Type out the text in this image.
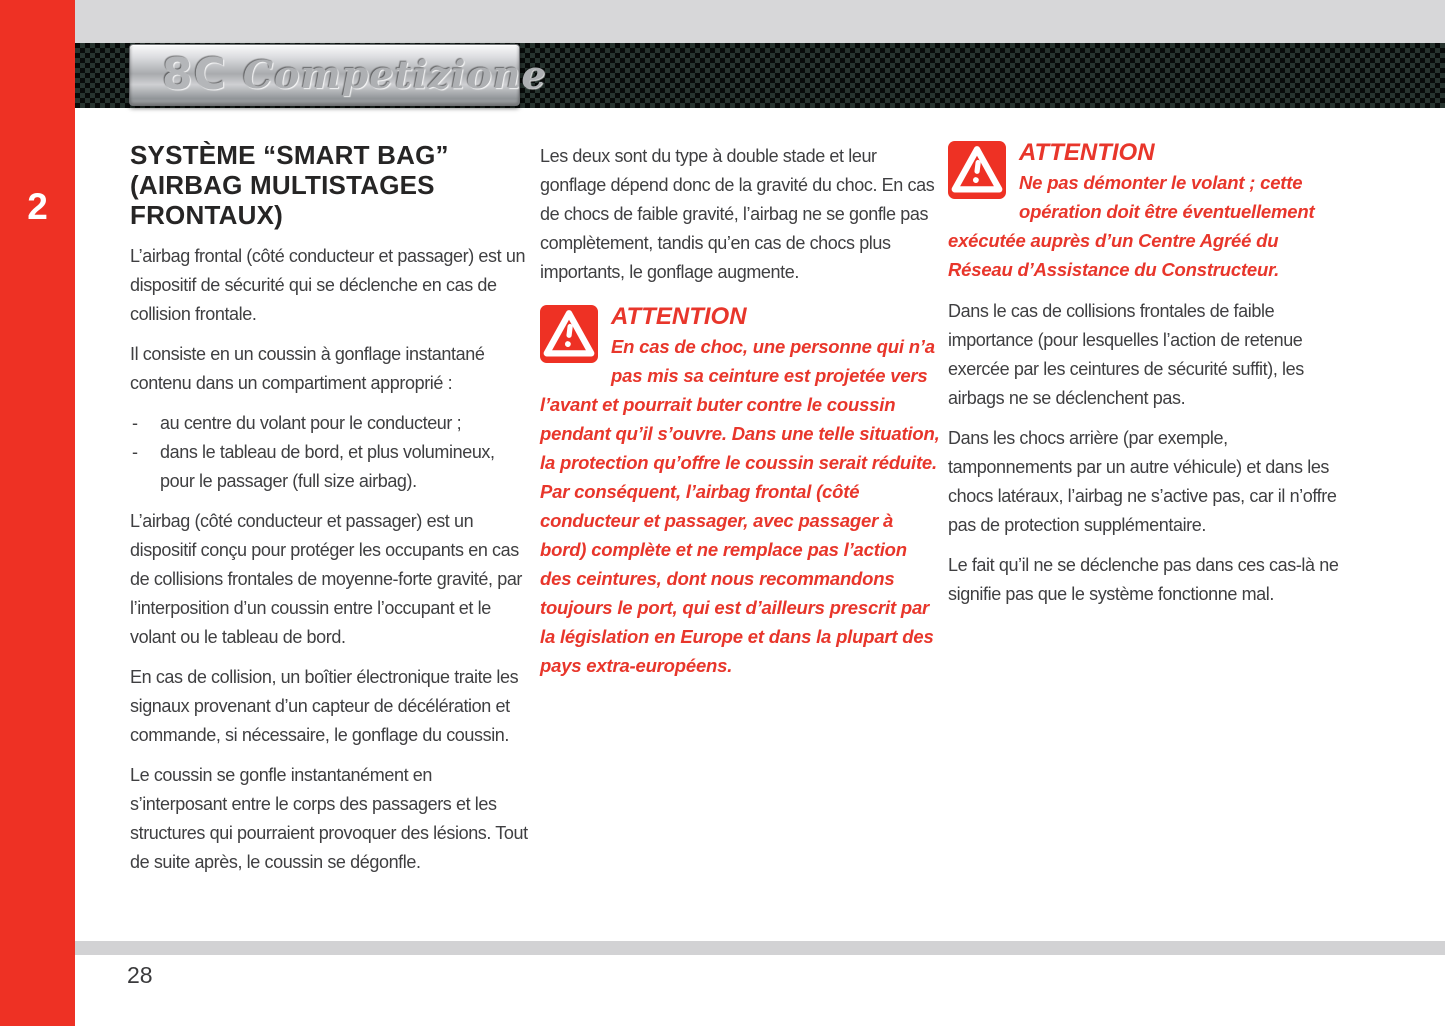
2
8C Competizione
SYSTÈME “SMART BAG” (AIRBAG MULTISTAGES FRONTAUX)

L’airbag frontal (côté conducteur et passager) est un dispositif de sécurité qui se déclenche en cas de collision frontale.

Il consiste en un coussin à gonflage instantané contenu dans un compartiment approprié :

- au centre du volant pour le conducteur ;
- dans le tableau de bord, et plus volumineux, pour le passager (full size airbag).

L’airbag (côté conducteur et passager) est un dispositif conçu pour protéger les occupants en cas de collisions frontales de moyenne-forte gravité, par l’interposition d’un coussin entre l’occupant et le volant ou le tableau de bord.

En cas de collision, un boîtier électronique traite les signaux provenant d’un capteur de décélération et commande, si nécessaire, le gonflage du coussin.

Le coussin se gonfle instantanément en s’interposant entre le corps des passagers et les structures qui pourraient provoquer des lésions. Tout de suite après, le coussin se dégonfle.

Les deux sont du type à double stade et leur gonflage dépend donc de la gravité du choc. En cas de chocs de faible gravité, l’airbag ne se gonfle pas complètement, tandis qu’en cas de chocs plus importants, le gonflage augmente.

ATTENTION
En cas de choc, une personne qui n’a pas mis sa ceinture est projetée vers l’avant et pourrait buter contre le coussin pendant qu’il s’ouvre. Dans une telle situation, la protection qu’offre le coussin serait réduite. Par conséquent, l’airbag frontal (côté conducteur et passager, avec passager à bord) complète et ne remplace pas l’action des ceintures, dont nous recommandons toujours le port, qui est d’ailleurs prescrit par la législation en Europe et dans la plupart des pays extra-européens.
ATTENTION
Ne pas démonter le volant ; cette opération doit être éventuellement exécutée auprès d’un Centre Agréé du Réseau d’Assistance du Constructeur.

Dans le cas de collisions frontales de faible importance (pour lesquelles l’action de retenue exercée par les ceintures de sécurité suffit), les airbags ne se déclenchent pas.

Dans les chocs arrière (par exemple, tamponnements par un autre véhicule) et dans les chocs latéraux, l’airbag ne s’active pas, car il n’offre pas de protection supplémentaire.

Le fait qu’il ne se déclenche pas dans ces cas-là ne signifie pas que le système fonctionne mal.

28
